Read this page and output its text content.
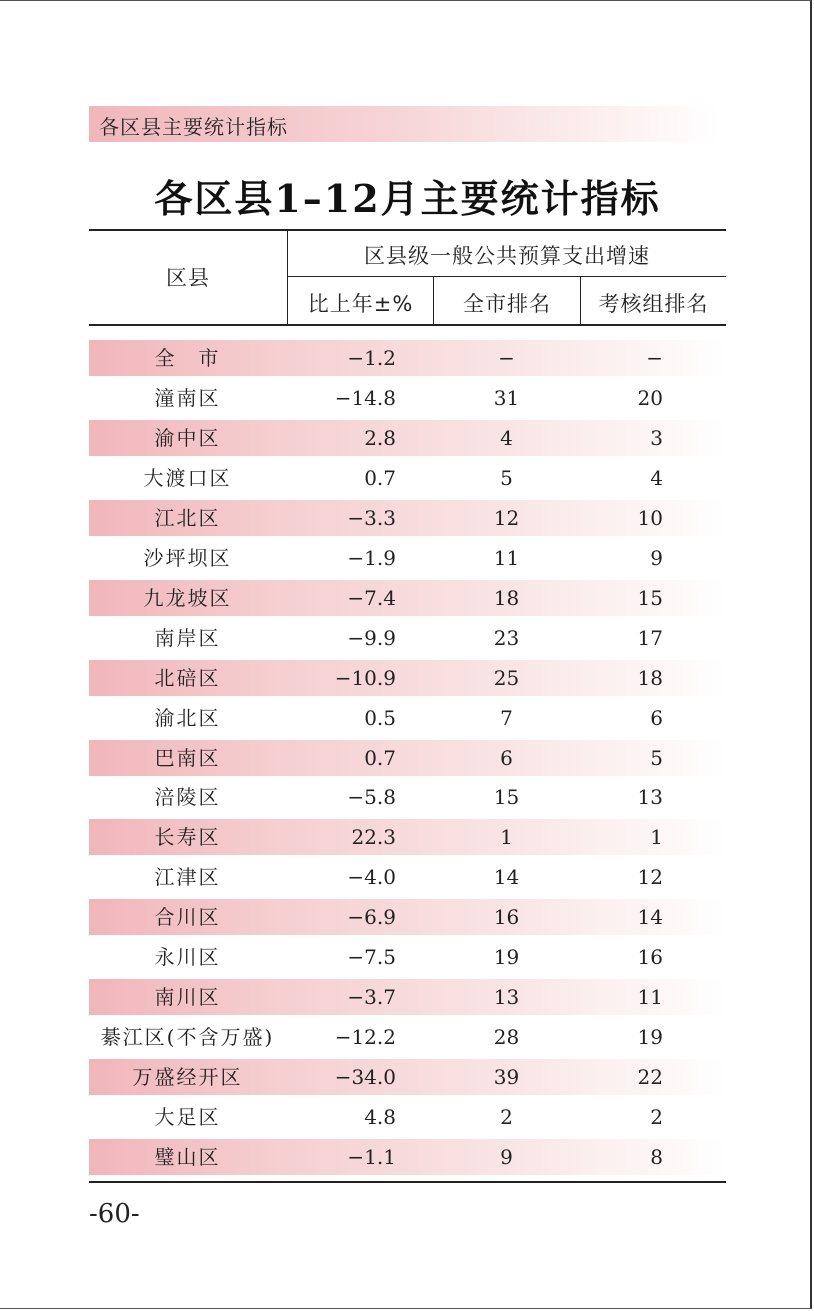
各区县主要统计指标
各区县1–12月主要统计指标
区县
区县级一般公共预算支出增速
比上年±%	全市排名	考核组排名
全　市	−1.2	−	−
潼南区	−14.8	31	20
渝中区	2.8	4	3
大渡口区	0.7	5	4
江北区	−3.3	12	10
沙坪坝区	−1.9	11	9
九龙坡区	−7.4	18	15
南岸区	−9.9	23	17
北碚区	−10.9	25	18
渝北区	0.5	7	6
巴南区	0.7	6	5
涪陵区	−5.8	15	13
长寿区	22.3	1	1
江津区	−4.0	14	12
合川区	−6.9	16	14
永川区	−7.5	19	16
南川区	−3.7	13	11
綦江区(不含万盛)	−12.2	28	19
万盛经开区	−34.0	39	22
大足区	4.8	2	2
璧山区	−1.1	9	8
-60-
